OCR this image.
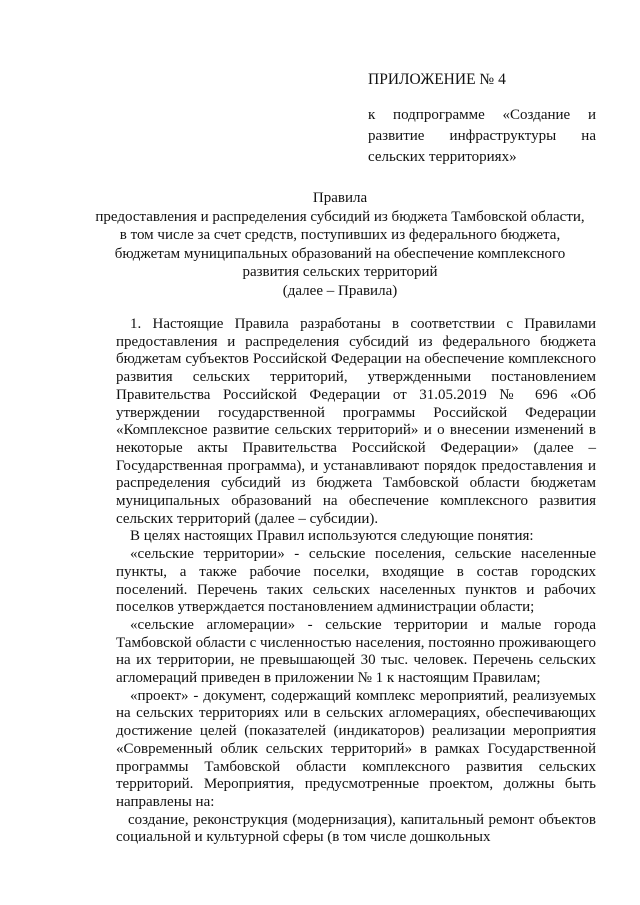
ПРИЛОЖЕНИЕ № 4
к подпрограмме «Создание и развитие инфраструктуры на сельских территориях»
Правила
предоставления и распределения субсидий из бюджета Тамбовской области,
в том числе за счет средств, поступивших из федерального бюджета,
бюджетам муниципальных образований на обеспечение комплексного
развития сельских территорий
(далее – Правила)

1. Настоящие Правила разработаны в соответствии с Правилами предоставления и распределения субсидий из федерального бюджета бюджетам субъектов Российской Федерации на обеспечение комплексного развития сельских территорий, утвержденными постановлением Правительства Российской Федерации от 31.05.2019 № 696 «Об утверждении государственной программы Российской Федерации «Комплексное развитие сельских территорий» и о внесении изменений в некоторые акты Правительства Российской Федерации» (далее – Государственная программа), и устанавливают порядок предоставления и распределения субсидий из бюджета Тамбовской области бюджетам муниципальных образований на обеспечение комплексного развития сельских территорий (далее – субсидии).

В целях настоящих Правил используются следующие понятия:

«сельские территории» - сельские поселения, сельские населенные пункты, а также рабочие поселки, входящие в состав городских поселений. Перечень таких сельских населенных пунктов и рабочих поселков утверждается постановлением администрации области;

«сельские агломерации» - сельские территории и малые города Тамбовской области с численностью населения, постоянно проживающего на их территории, не превышающей 30 тыс. человек. Перечень сельских агломераций приведен в приложении № 1 к настоящим Правилам;

«проект» - документ, содержащий комплекс мероприятий, реализуемых на сельских территориях или в сельских агломерациях, обеспечивающих достижение целей (показателей (индикаторов) реализации мероприятия «Современный облик сельских территорий» в рамках Государственной программы Тамбовской области комплексного развития сельских территорий. Мероприятия, предусмотренные проектом, должны быть направлены на:

создание, реконструкция (модернизация), капитальный ремонт объектов социальной и культурной сферы (в том числе дошкольных
